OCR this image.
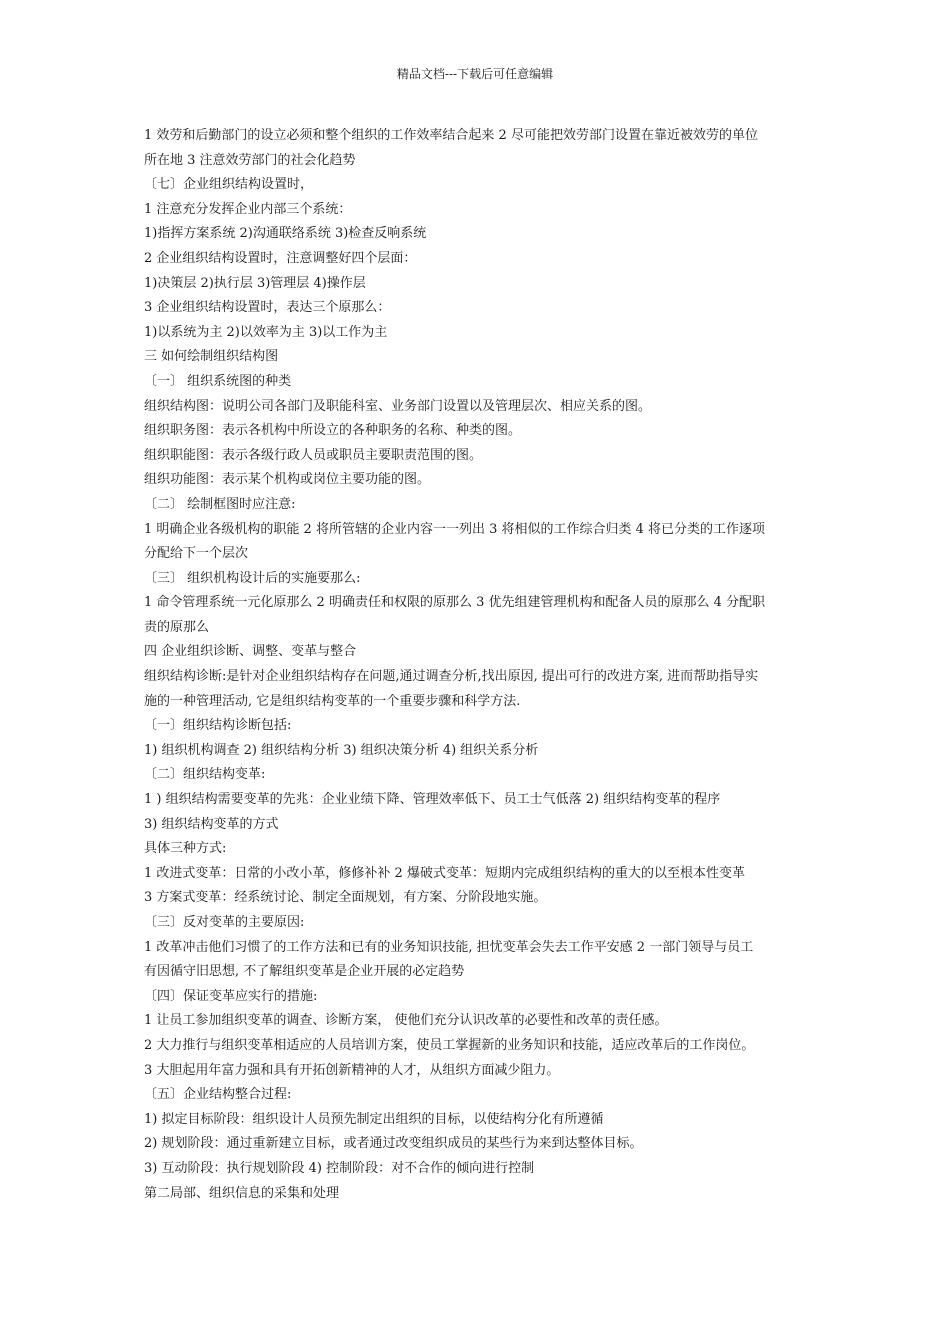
精品文档---下载后可任意编辑

1 效劳和后勤部门的设立必须和整个组织的工作效率结合起来 2 尽可能把效劳部门设置在靠近被效劳的单位

所在地 3 注意效劳部门的社会化趋势

〔七〕企业组织结构设置时，

1 注意充分发挥企业内部三个系统：

1)指挥方案系统 2)沟通联络系统 3)检查反响系统

2 企业组织结构设置时，注意调整好四个层面：

1)决策层 2)执行层 3)管理层 4)操作层

3 企业组织结构设置时，表达三个原那么：

1)以系统为主 2)以效率为主 3)以工作为主

三 如何绘制组织结构图

〔一〕 组织系统图的种类

组织结构图：说明公司各部门及职能科室、业务部门设置以及管理层次、相应关系的图。

组织职务图：表示各机构中所设立的各种职务的名称、种类的图。

组织职能图：表示各级行政人员或职员主要职责范围的图。

组织功能图：表示某个机构或岗位主要功能的图。

〔二〕 绘制框图时应注意:

1 明确企业各级机构的职能 2 将所管辖的企业内容一一列出 3 将相似的工作综合归类 4 将已分类的工作逐项

分配给下一个层次

〔三〕 组织机构设计后的实施要那么:

1 命令管理系统一元化原那么 2 明确责任和权限的原那么 3 优先组建管理机构和配备人员的原那么 4 分配职

责的原那么

四 企业组织诊断、调整、变革与整合

组织结构诊断:是针对企业组织结构存在问题,通过调查分析,找出原因, 提出可行的改进方案, 进而帮助指导实

施的一种管理活动, 它是组织结构变革的一个重要步骤和科学方法.

〔一〕组织结构诊断包括:

1) 组织机构调查 2) 组织结构分析 3) 组织决策分析 4) 组织关系分析

〔二〕组织结构变革:

1 ) 组织结构需要变革的先兆：企业业绩下降、管理效率低下、员工士气低落 2) 组织结构变革的程序

3) 组织结构变革的方式

具体三种方式:

1 改进式变革：日常的小改小革，修修补补 2 爆破式变革：短期内完成组织结构的重大的以至根本性变革

3 方案式变革：经系统讨论、制定全面规划，有方案、分阶段地实施。

〔三〕反对变革的主要原因:

1 改革冲击他们习惯了的工作方法和已有的业务知识技能, 担忧变革会失去工作平安感 2 一部门领导与员工

有因循守旧思想, 不了解组织变革是企业开展的必定趋势

〔四〕保证变革应实行的措施:

1 让员工参加组织变革的调查、诊断方案， 使他们充分认识改革的必要性和改革的责任感。

2 大力推行与组织变革相适应的人员培训方案，使员工掌握新的业务知识和技能，适应改革后的工作岗位。

3 大胆起用年富力强和具有开拓创新精神的人才，从组织方面减少阻力。

〔五〕企业结构整合过程:

1) 拟定目标阶段：组织设计人员预先制定出组织的目标，以使结构分化有所遵循

2) 规划阶段：通过重新建立目标，或者通过改变组织成员的某些行为来到达整体目标。

3) 互动阶段：执行规划阶段 4) 控制阶段：对不合作的倾向进行控制

第二局部、组织信息的采集和处理
